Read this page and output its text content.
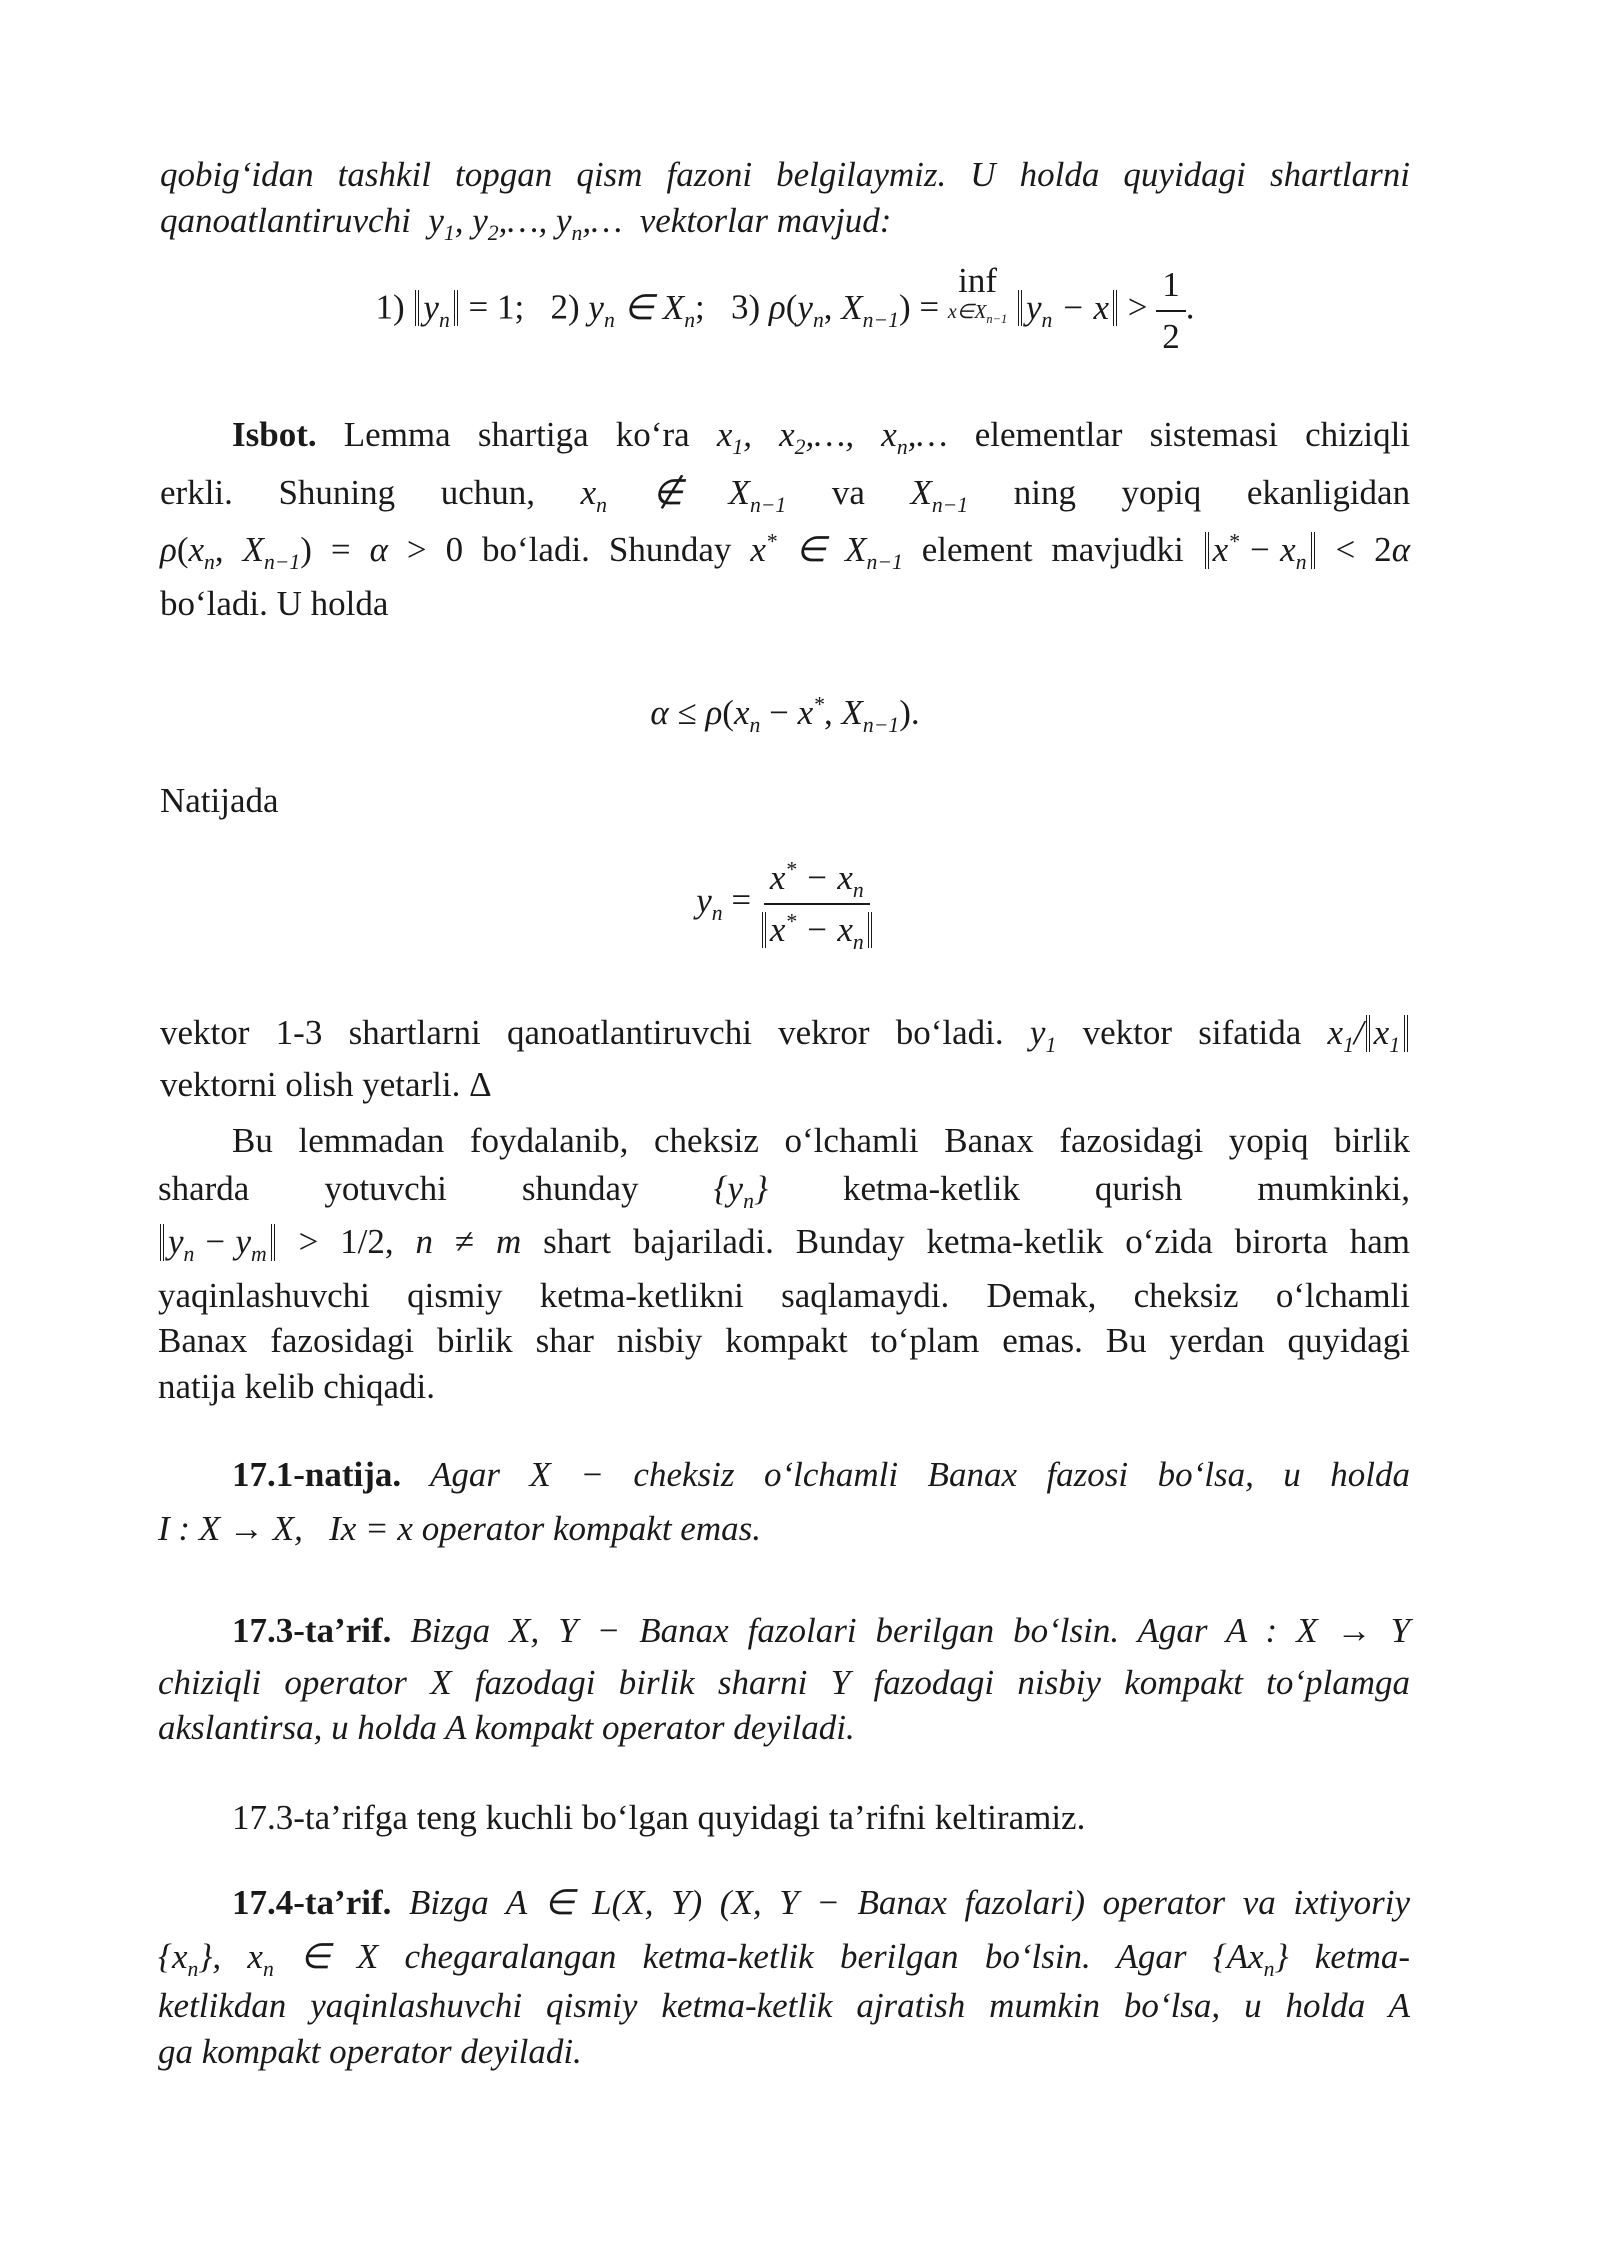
qobig‘idan tashkil topgan qism fazoni belgilaymiz. U holda quyidagi shartlarni
qanoatlantiruvchi  $y_1$, $y_2,\dots$, $y_n,\dots$  vektorlar mavjud:
1) $y_n = 1$;   2) $y_n$ ∈ $X_n$;   3) $\rho(y_n$, $X_{n-1}$) =
inf
$x\in X_{n-1}$ $y_n - x > \frac{1}{2}$ .
Isbot. Lemma shartiga ko‘ra $x_1$, $x_2,\dots$, $x_n,\dots$ elementlar sistemasi chiziqli
erkli. Shuning uchun, $x_n$ ∉ $X_{n-1}$ va $X_{n-1}$ ning yopiq ekanligidan
$\rho(x_n$, $X_{n-1}) = \alpha > 0$ bo‘ladi. Shunday x* ∈ $X_{n-1}$ element mavjudki $x^* - x_n < 2\alpha$
bo‘ladi. U holda
$\alpha \le \rho(x_n - x^*$, $X_{n-1}$).
Natijada
$y_n = \frac{x^* - x_n}{x^* - x_n}$
vektor 1-3 shartlarni qanoatlantiruvchi vekror bo‘ladi. $y_1$ vektor sifatida $x_1/$ $x_1$
vektorni olish yetarli. Δ
Bu lemmadan foydalanib, cheksiz o‘lchamli Banax fazosidagi yopiq birlik
sharda yotuvchi shunday $\{y_n\}$ ketma-ketlik qurish mumkinki,
$y_n - y_m > 1/2$, n ≠ m shart bajariladi. Bunday ketma-ketlik o‘zida birorta ham
yaqinlashuvchi qismiy ketma-ketlikni saqlamaydi. Demak, cheksiz o‘lchamli
Banax fazosidagi birlik shar nisbiy kompakt to‘plam emas. Bu yerdan quyidagi
natija kelib chiqadi.
17.1-natija. Agar X − cheksiz o‘lchamli Banax fazosi bo‘lsa, u holda
I : X → X,   Ix = x operator kompakt emas.
17.3-ta’rif. Bizga X, Y − Banax fazolari berilgan bo‘lsin. Agar A : X → Y
chiziqli operator X fazodagi birlik sharni Y fazodagi nisbiy kompakt to‘plamga
akslantirsa, u holda A kompakt operator deyiladi.
17.3-ta’rifga teng kuchli bo‘lgan quyidagi ta’rifni keltiramiz.
17.4-ta’rif. Bizga A ∈ L(X, Y) (X, Y − Banax fazolari) operator va ixtiyoriy
$\{x_n\}$, $x_n$ ∈ X chegaralangan ketma-ketlik berilgan bo‘lsin. Agar $\{Ax_n\}$ ketma-
ketlikdan yaqinlashuvchi qismiy ketma-ketlik ajratish mumkin bo‘lsa, u holda A
ga kompakt operator deyiladi.
